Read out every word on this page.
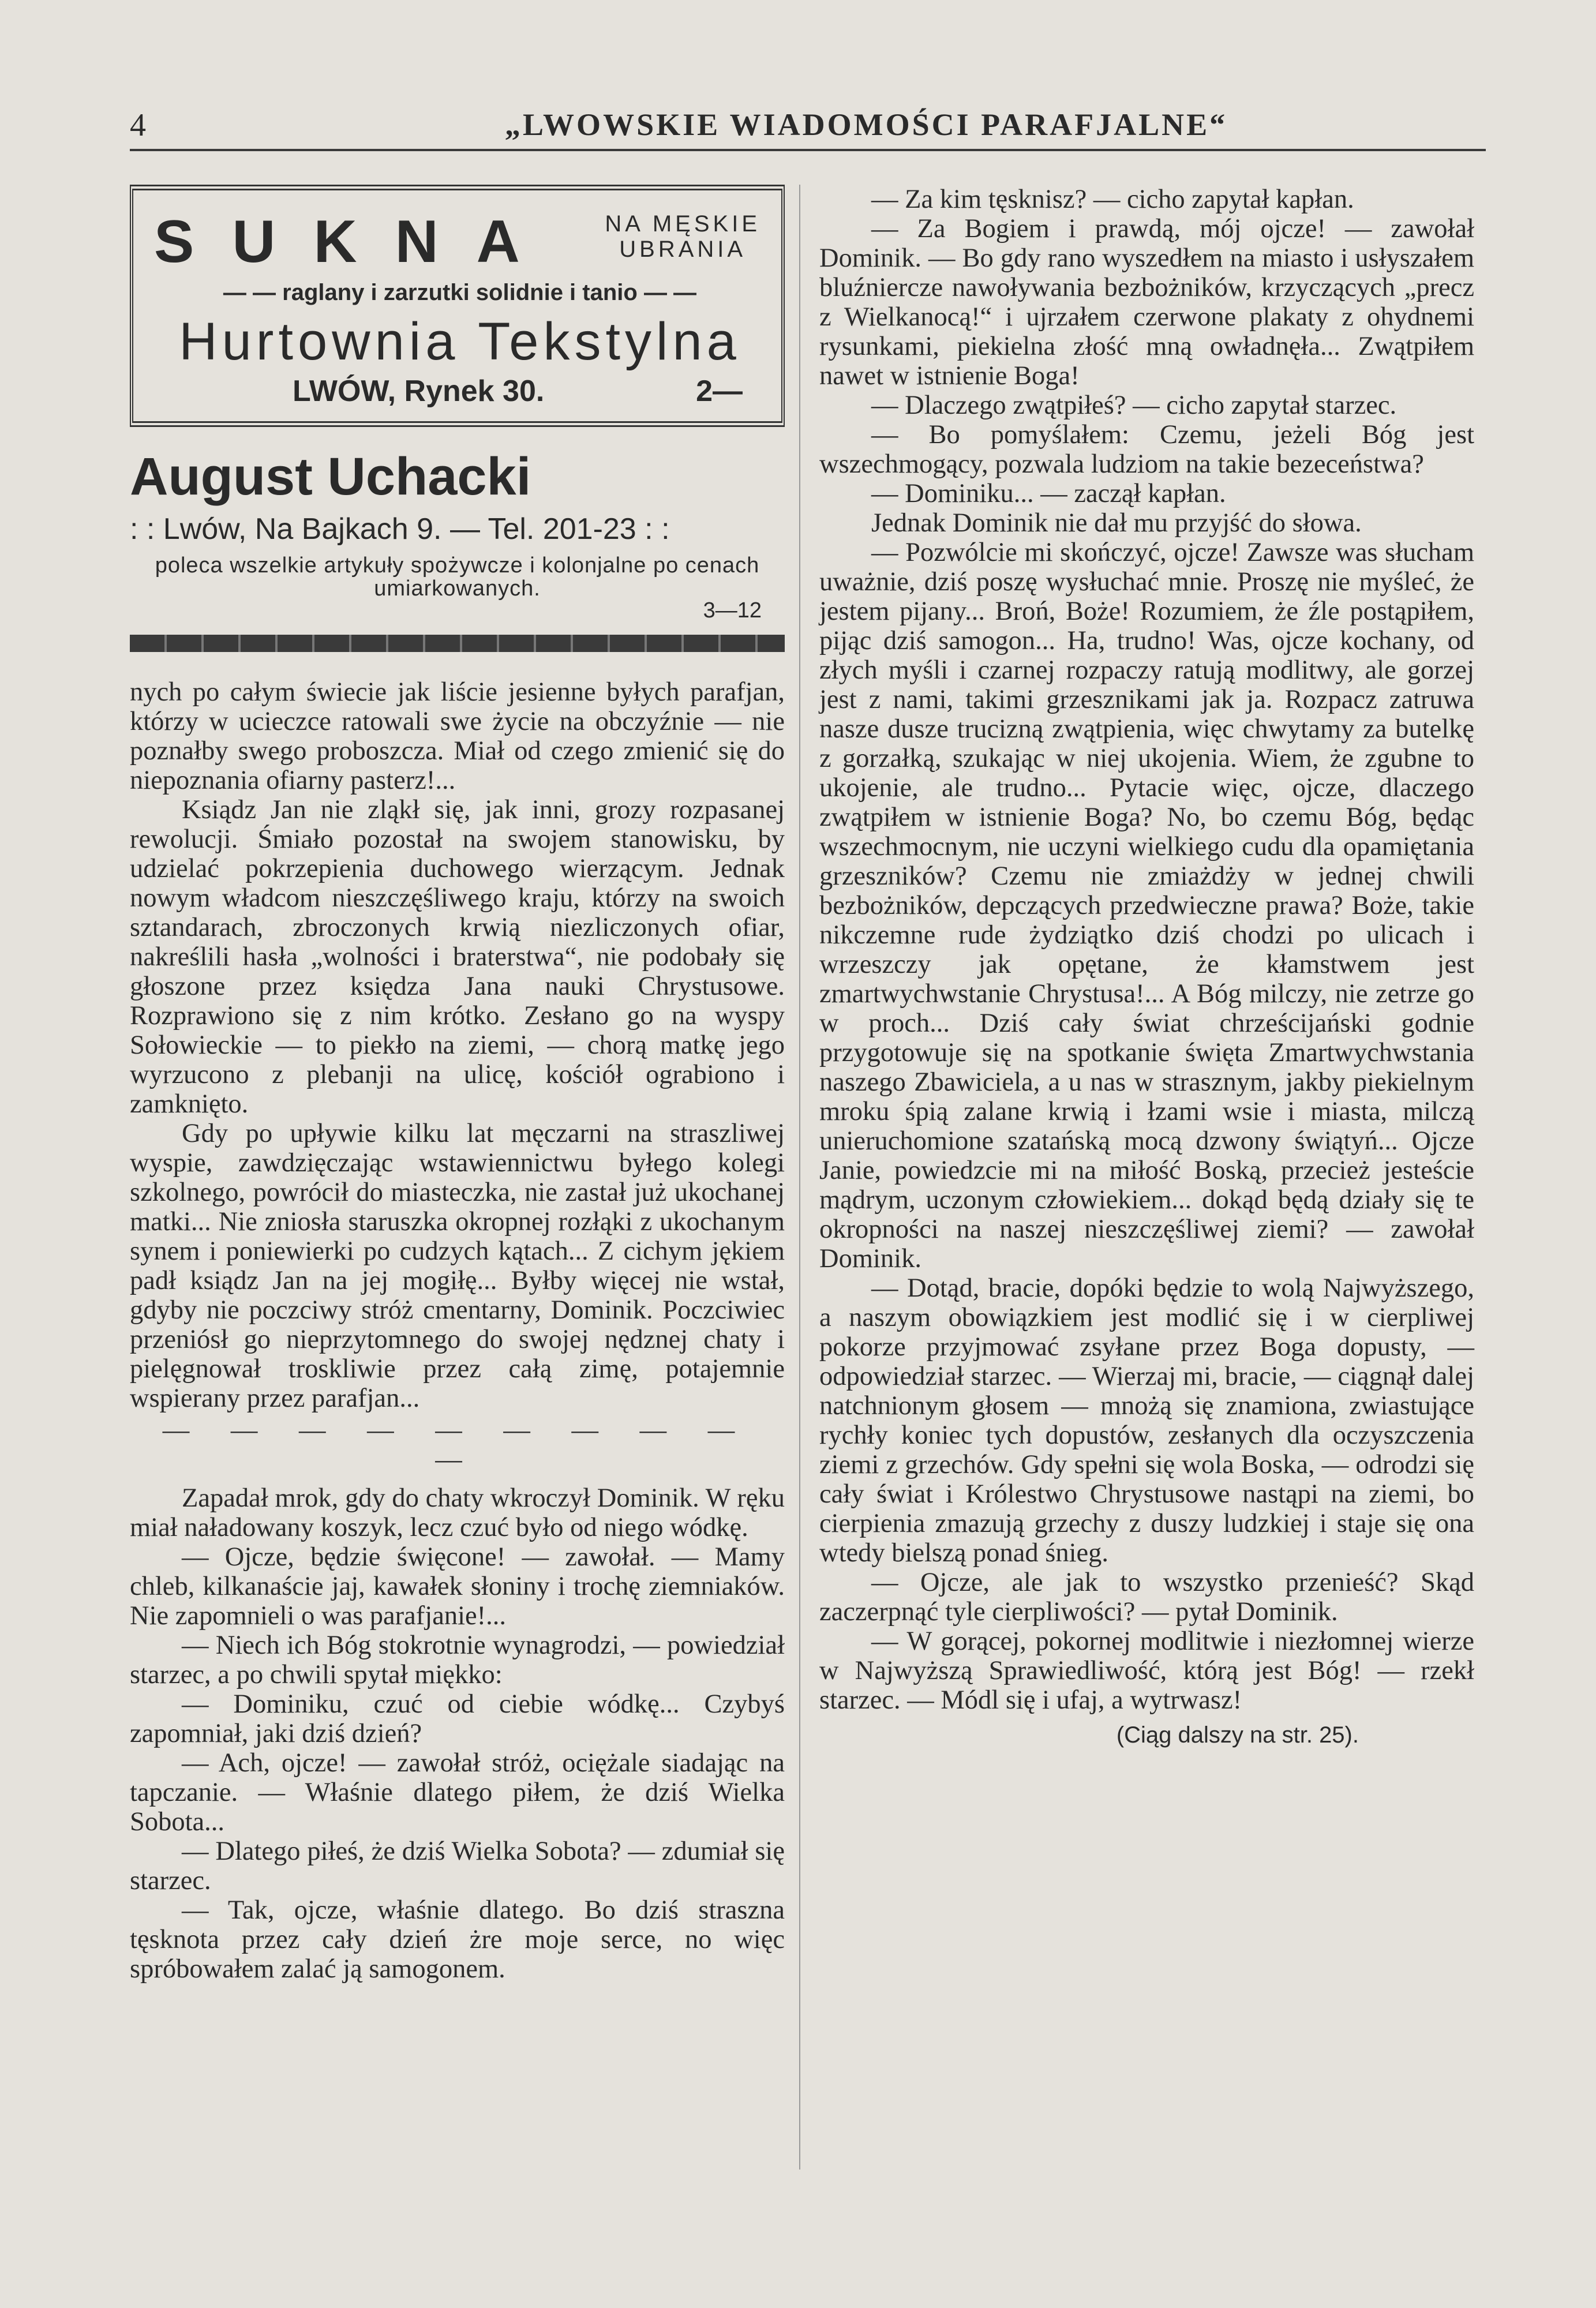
4	„LWOWSKIE WIADOMOŚCI PARAFJALNE“
SUKNA NA MĘSKIE
UBRANIA
— — raglany i zarzutki solidnie i tanio — —
Hurtownia Tekstylna
LWÓW, Rynek 30.	2—
August Uchacki
: : Lwów, Na Bajkach 9. — Tel. 201-23 : :
poleca wszelkie artykuły spożywcze i kolonjalne po cenach umiarkowanych.
3—12

nych po całym świecie jak liście jesienne byłych parafjan, którzy w ucieczce ratowali swe życie na obczyźnie — nie poznałby swego proboszcza. Miał od czego zmienić się do niepoznania ofiarny pasterz!...

Ksiądz Jan nie zląkł się, jak inni, grozy rozpasanej rewolucji. Śmiało pozostał na swojem stanowisku, by udzielać pokrzepienia duchowego wierzącym. Jednak nowym władcom nieszczęśliwego kraju, którzy na swoich sztandarach, zbroczonych krwią niezliczonych ofiar, nakreślili hasła „wolności i braterstwa“, nie podobały się głoszone przez księdza Jana nauki Chrystusowe. Rozprawiono się z nim krótko. Zesłano go na wyspy Sołowieckie — to piekło na ziemi, — chorą matkę jego wyrzucono z plebanji na ulicę, kościół ograbiono i zamknięto.

Gdy po upływie kilku lat męczarni na straszliwej wyspie, zawdzięczając wstawiennictwu byłego kolegi szkolnego, powrócił do miasteczka, nie zastał już ukochanej matki... Nie zniosła staruszka okropnej rozłąki z ukochanym synem i poniewierki po cudzych kątach... Z cichym jękiem padł ksiądz Jan na jej mogiłę... Byłby więcej nie wstał, gdyby nie poczciwy stróż cmentarny, Dominik. Poczciwiec przeniósł go nieprzytomnego do swojej nędznej chaty i pielęgnował troskliwie przez całą zimę, potajemnie wspierany przez parafjan...

— — — — — — — — — —

Zapadał mrok, gdy do chaty wkroczył Dominik. W ręku miał naładowany koszyk, lecz czuć było od niego wódkę.

— Ojcze, będzie święcone! — zawołał. — Mamy chleb, kilkanaście jaj, kawałek słoniny i trochę ziemniaków. Nie zapomnieli o was parafjanie!...

— Niech ich Bóg stokrotnie wynagrodzi, — powiedział starzec, a po chwili spytał miękko:

— Dominiku, czuć od ciebie wódkę... Czybyś zapomniał, jaki dziś dzień?

— Ach, ojcze! — zawołał stróż, ociężale siadając na tapczanie. — Właśnie dlatego piłem, że dziś Wielka Sobota...

— Dlatego piłeś, że dziś Wielka Sobota? — zdumiał się starzec.

— Tak, ojcze, właśnie dlatego. Bo dziś straszna tęsknota przez cały dzień żre moje serce, no więc spróbowałem zalać ją samogonem.

— Za kim tęsknisz? — cicho zapytał kapłan.

— Za Bogiem i prawdą, mój ojcze! — zawołał Dominik. — Bo gdy rano wyszedłem na miasto i usłyszałem bluźniercze nawoływania bezbożników, krzyczących „precz z Wielkanocą!“ i ujrzałem czerwone plakaty z ohydnemi rysunkami, piekielna złość mną owładnęła... Zwątpiłem nawet w istnienie Boga!

— Dlaczego zwątpiłeś? — cicho zapytał starzec.

— Bo pomyślałem: Czemu, jeżeli Bóg jest wszechmogący, pozwala ludziom na takie bezeceństwa?

— Dominiku... — zaczął kapłan.

Jednak Dominik nie dał mu przyjść do słowa.

— Pozwólcie mi skończyć, ojcze! Zawsze was słucham uważnie, dziś poszę wysłuchać mnie. Proszę nie myśleć, że jestem pijany... Broń, Boże! Rozumiem, że źle postąpiłem, pijąc dziś samogon... Ha, trudno! Was, ojcze kochany, od złych myśli i czarnej rozpaczy ratują modlitwy, ale gorzej jest z nami, takimi grzesznikami jak ja. Rozpacz zatruwa nasze dusze trucizną zwątpienia, więc chwytamy za butelkę z gorzałką, szukając w niej ukojenia. Wiem, że zgubne to ukojenie, ale trudno... Pytacie więc, ojcze, dlaczego zwątpiłem w istnienie Boga? No, bo czemu Bóg, będąc wszechmocnym, nie uczyni wielkiego cudu dla opamiętania grzeszników? Czemu nie zmiażdży w jednej chwili bezbożników, depczących przedwieczne prawa? Boże, takie nikczemne rude żydziątko dziś chodzi po ulicach i wrzeszczy jak opętane, że kłamstwem jest zmartwychwstanie Chrystusa!... A Bóg milczy, nie zetrze go w proch... Dziś cały świat chrześcijański godnie przygotowuje się na spotkanie święta Zmartwychwstania naszego Zbawiciela, a u nas w strasznym, jakby piekielnym mroku śpią zalane krwią i łzami wsie i miasta, milczą unieruchomione szatańską mocą dzwony świątyń... Ojcze Janie, powiedzcie mi na miłość Boską, przecież jesteście mądrym, uczonym człowiekiem... dokąd będą działy się te okropności na naszej nieszczęśliwej ziemi? — zawołał Dominik.

— Dotąd, bracie, dopóki będzie to wolą Najwyższego, a naszym obowiązkiem jest modlić się i w cierpliwej pokorze przyjmować zsyłane przez Boga dopusty, — odpowiedział starzec. — Wierzaj mi, bracie, — ciągnął dalej natchnionym głosem — mnożą się znamiona, zwiastujące rychły koniec tych dopustów, zesłanych dla oczyszczenia ziemi z grzechów. Gdy spełni się wola Boska, — odrodzi się cały świat i Królestwo Chrystusowe nastąpi na ziemi, bo cierpienia zmazują grzechy z duszy ludzkiej i staje się ona wtedy bielszą ponad śnieg.

— Ojcze, ale jak to wszystko przenieść? Skąd zaczerpnąć tyle cierpliwości? — pytał Dominik.

— W gorącej, pokornej modlitwie i niezłomnej wierze w Najwyższą Sprawiedliwość, którą jest Bóg! — rzekł starzec. — Módl się i ufaj, a wytrwasz!

(Ciąg dalszy na str. 25).
